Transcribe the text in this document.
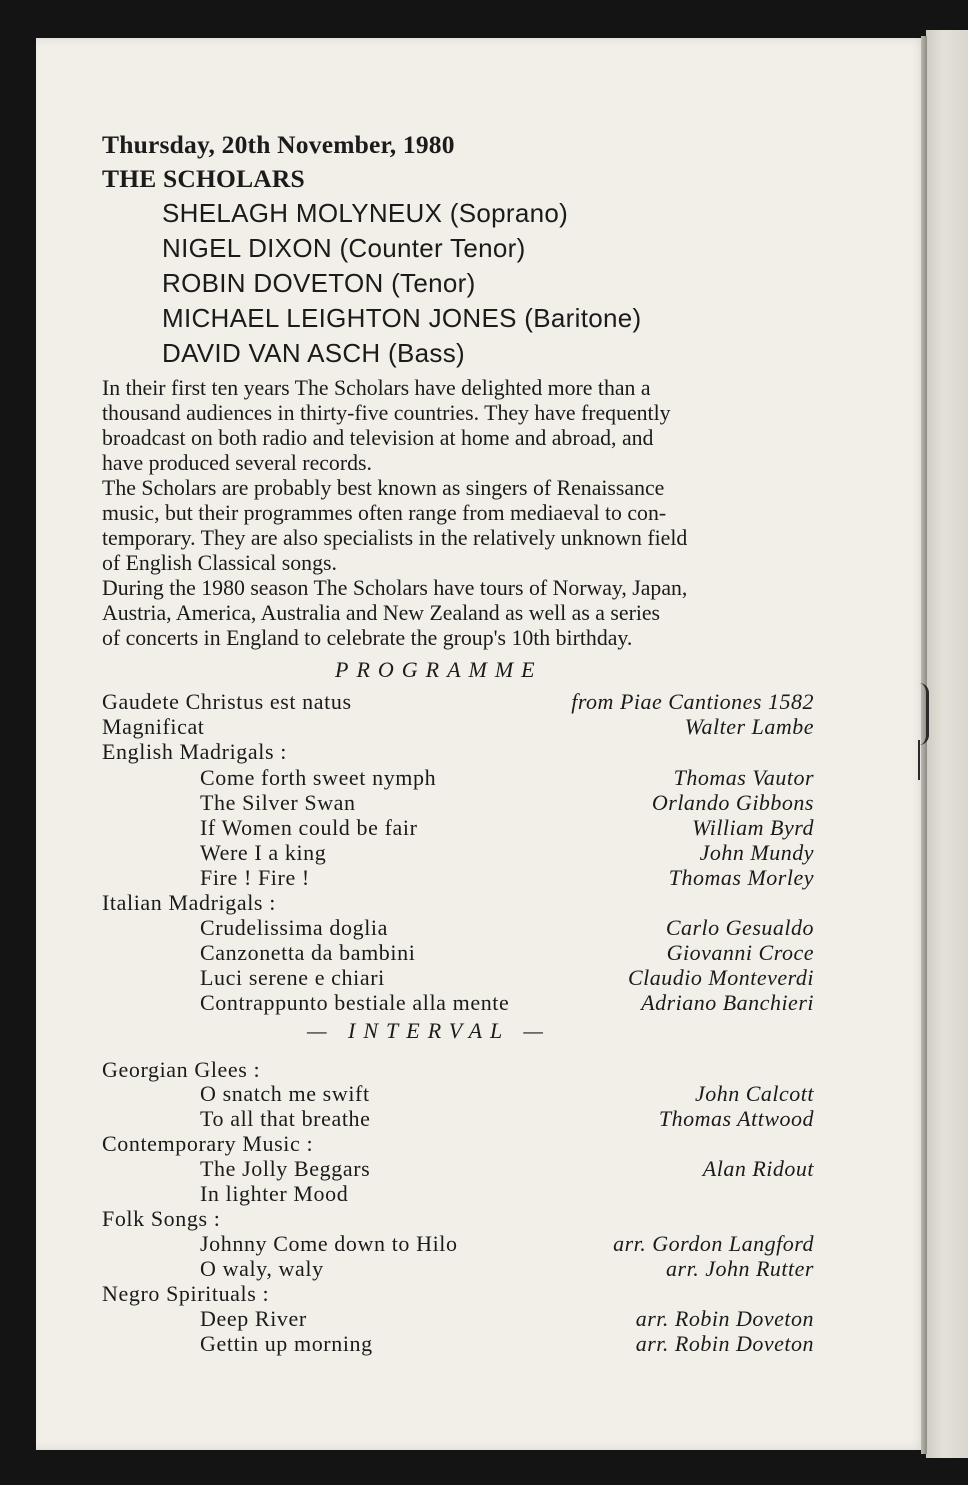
Thursday, 20th November, 1980
THE SCHOLARS
SHELAGH MOLYNEUX (Soprano)
NIGEL DIXON (Counter Tenor)
ROBIN DOVETON (Tenor)
MICHAEL LEIGHTON JONES (Baritone)
DAVID VAN ASCH (Bass)
In their first ten years The Scholars have delighted more than a
thousand audiences in thirty-five countries. They have frequently
broadcast on both radio and television at home and abroad, and
have produced several records.
The Scholars are probably best known as singers of Renaissance
music, but their programmes often range from mediaeval to con-
temporary. They are also specialists in the relatively unknown field
of English Classical songs.
During the 1980 season The Scholars have tours of Norway, Japan,
Austria, America, Australia and New Zealand as well as a series
of concerts in England to celebrate the group's 10th birthday.
PROGRAMME
Gaudete Christus est natus	from Piae Cantiones 1582
Magnificat	Walter Lambe
English Madrigals :
Come forth sweet nymph	Thomas Vautor
The Silver Swan	Orlando Gibbons
If Women could be fair	William Byrd
Were I a king	John Mundy
Fire ! Fire !	Thomas Morley
Italian Madrigals :
Crudelissima doglia	Carlo Gesualdo
Canzonetta da bambini	Giovanni Croce
Luci serene e chiari	Claudio Monteverdi
Contrappunto bestiale alla mente	Adriano Banchieri
— INTERVAL —
Georgian Glees :
O snatch me swift	John Calcott
To all that breathe	Thomas Attwood
Contemporary Music :
The Jolly Beggars	Alan Ridout
In lighter Mood
Folk Songs :
Johnny Come down to Hilo	arr. Gordon Langford
O waly, waly	arr. John Rutter
Negro Spirituals :
Deep River	arr. Robin Doveton
Gettin up morning	arr. Robin Doveton
